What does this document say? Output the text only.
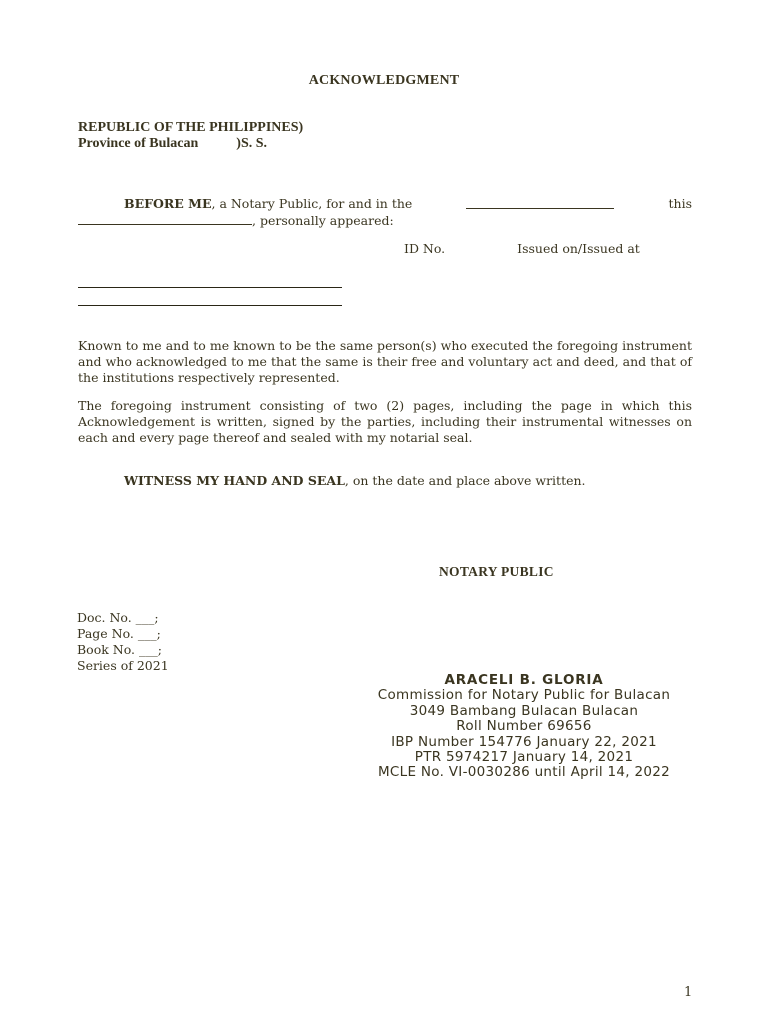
ACKNOWLEDGMENT
REPUBLIC OF THE PHILIPPINES)
Province of Bulacan	)S. S.
BEFORE ME, a Notary Public, for and in the	this
, personally appeared:
ID No.	Issued on/Issued at
Known to me and to me known to be the same person(s) who executed the foregoing instrument and who acknowledged to me that the same is their free and voluntary act and deed, and that of the institutions respectively represented.
The foregoing instrument consisting of two (2) pages, including the page in which this Acknowledgement is written, signed by the parties, including their instrumental witnesses on each and every page thereof and sealed with my notarial seal.
WITNESS MY HAND AND SEAL, on the date and place above written.
NOTARY PUBLIC
Doc. No. ___;
Page No. ___;
Book No. ___;
Series of 2021
ARACELI B. GLORIA
Commission for Notary Public for Bulacan
3049 Bambang Bulacan Bulacan
Roll Number 69656
IBP Number 154776 January 22, 2021
PTR 5974217 January 14, 2021
MCLE No. VI-0030286 until April 14, 2022
1
